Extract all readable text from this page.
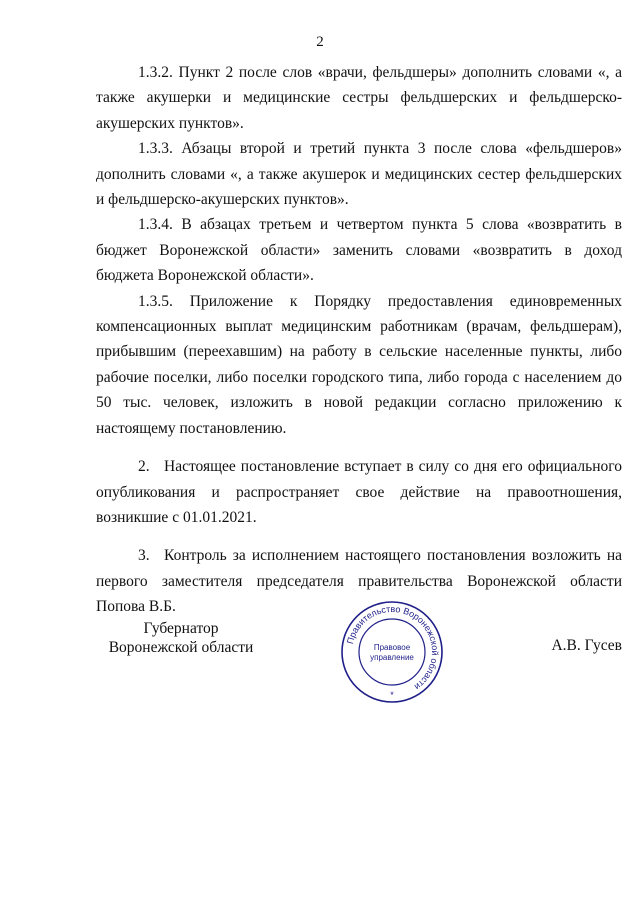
2

1.3.2. Пункт 2 после слов «врачи, фельдшеры» дополнить словами «, а также акушерки и медицинские сестры фельдшерских и фельдшерско-акушерских пунктов».

1.3.3. Абзацы второй и третий пункта 3 после слова «фельдшеров» дополнить словами «, а также акушерок и медицинских сестер фельдшерских и фельдшерско-акушерских пунктов».

1.3.4. В абзацах третьем и четвертом пункта 5 слова «возвратить в бюджет Воронежской области» заменить словами «возвратить в доход бюджета Воронежской области».

1.3.5. Приложение к Порядку предоставления единовременных компенсационных выплат медицинским работникам (врачам, фельдшерам), прибывшим (переехавшим) на работу в сельские населенные пункты, либо рабочие поселки, либо поселки городского типа, либо города с населением до 50 тыс. человек, изложить в новой редакции согласно приложению к настоящему постановлению.

2. Настоящее постановление вступает в силу со дня его официального опубликования и распространяет свое действие на правоотношения, возникшие с 01.01.2021.

3. Контроль за исполнением настоящего постановления возложить на первого заместителя председателя правительства Воронежской области Попова В.Б.

Губернатор
Воронежской области	Правительство Воронежской области
Правовое
управление
*
А.В. Гусев
